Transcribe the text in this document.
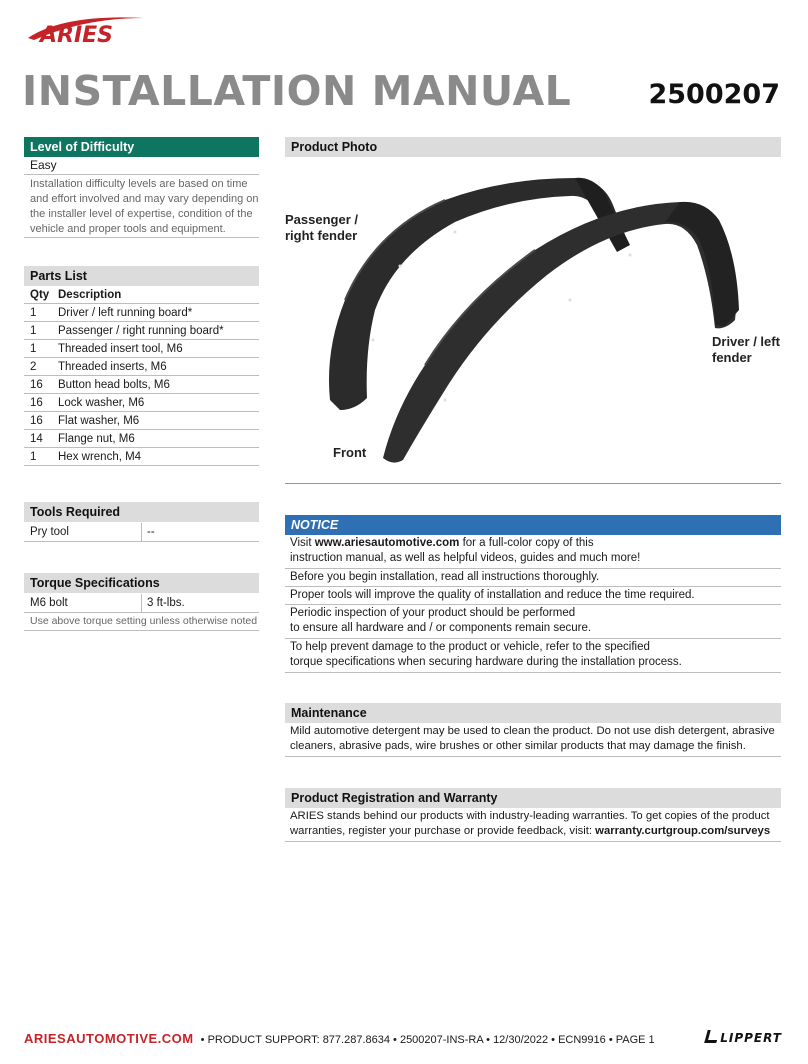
ARIES
INSTALLATION MANUAL	2500207
Level of Difficulty
Easy
Installation difficulty levels are based on time
and effort involved and may vary depending on
the installer level of expertise, condition of the
vehicle and proper tools and equipment.
Parts List
Qty	Description
1	Driver / left running board*
1	Passenger / right running board*
1	Threaded insert tool, M6
2	Threaded inserts, M6
16	Button head bolts, M6
16	Lock washer, M6
16	Flat washer, M6
14	Flange nut, M6
1	Hex wrench, M4
Tools Required
Pry tool	--
Torque Specifications
M6 bolt	3 ft-lbs.
Use above torque setting unless otherwise noted
Product Photo
Passenger /
right fender
Driver / left
fender
Front
NOTICE
Visit www.ariesautomotive.com for a full-color copy of this
instruction manual, as well as helpful videos, guides and much more!
Before you begin installation, read all instructions thoroughly.
Proper tools will improve the quality of installation and reduce the time required.
Periodic inspection of your product should be performed
to ensure all hardware and / or components remain secure.
To help prevent damage to the product or vehicle, refer to the specified
torque specifications when securing hardware during the installation process.
Maintenance
Mild automotive detergent may be used to clean the product. Do not use dish detergent, abrasive
cleaners, abrasive pads, wire brushes or other similar products that may damage the finish.
Product Registration and Warranty
ARIES stands behind our products with industry-leading warranties. To get copies of the product
warranties, register your purchase or provide feedback, visit: warranty.curtgroup.com/surveys
ARIESAUTOMOTIVE.COM • PRODUCT SUPPORT: 877.287.8634 • 2500207-INS-RA • 12/30/2022 • ECN9916 • PAGE 1	LIPPERT
